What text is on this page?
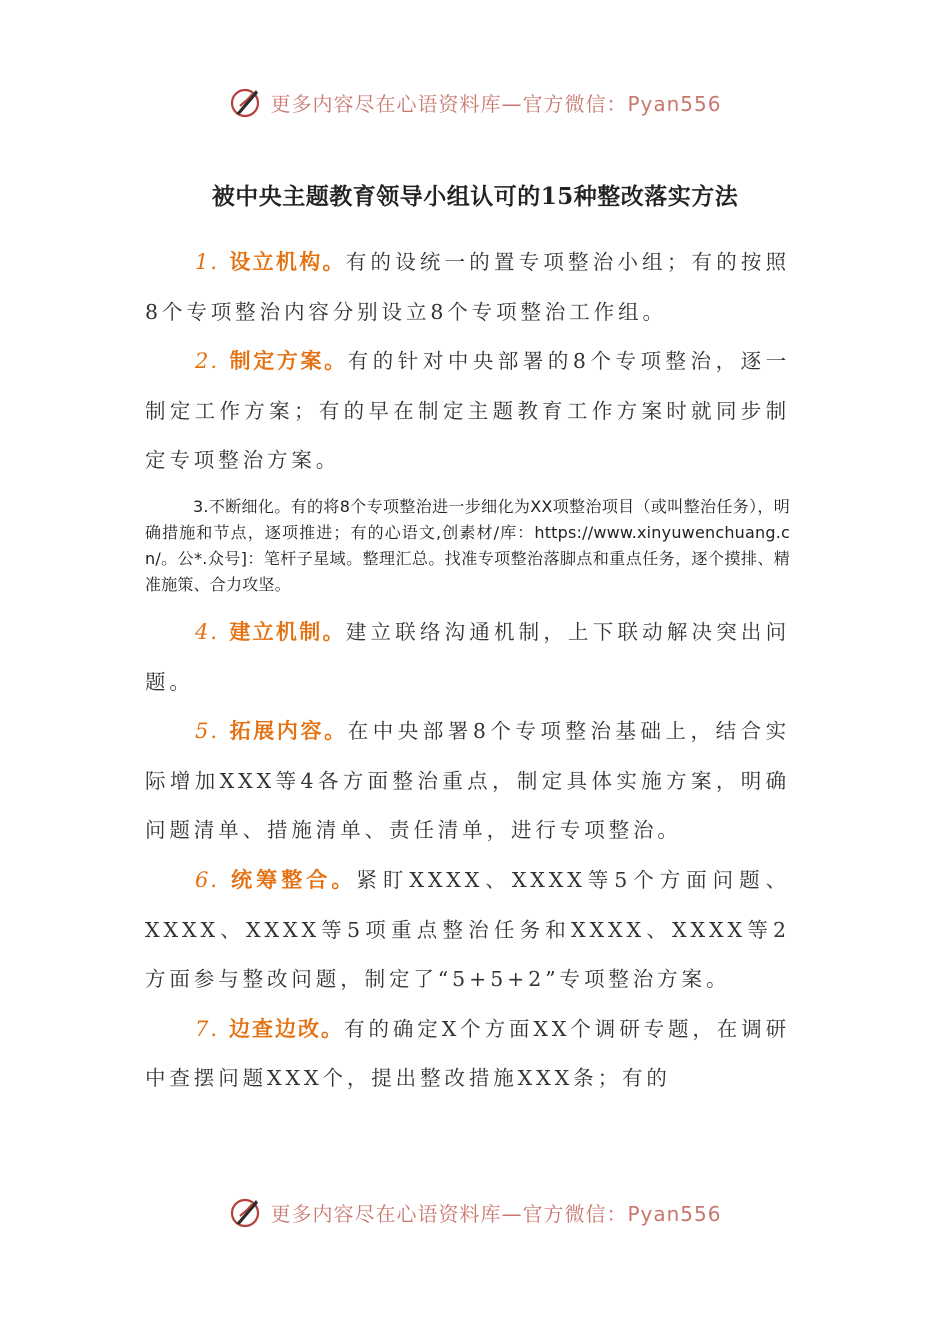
更多内容尽在心语资料库—官方微信：Pyan556
被中央主题教育领导小组认可的15种整改落实方法

1. 设立机构。有的设统一的置专项整治小组；有的按照8个专项整治内容分别设立8个专项整治工作组。

2. 制定方案。有的针对中央部署的8个专项整治，逐一制定工作方案；有的早在制定主题教育工作方案时就同步制定专项整治方案。

3.不断细化。有的将8个专项整治进一步细化为XX项整治项目（或叫整治任务），明确措施和节点，逐项推进；有的心语文,创素材/库：https://www.xinyuwenchuang.cn/。公*.众号]：笔杆子星域。整理汇总。找准专项整治落脚点和重点任务，逐个摸排、精准施策、合力攻坚。

4. 建立机制。建立联络沟通机制，上下联动解决突出问题。

5. 拓展内容。在中央部署8个专项整治基础上，结合实际增加XXX等4各方面整治重点，制定具体实施方案，明确问题清单、措施清单、责任清单，进行专项整治。

6. 统筹整合。紧盯XXXX、XXXX等5个方面问题、XXXX、XXXX等5项重点整治任务和XXXX、XXXX等2方面参与整改问题，制定了“5+5+2”专项整治方案。

7. 边查边改。有的确定X个方面XX个调研专题，在调研中查摆问题XXX个，提出整改措施XXX条；有的

更多内容尽在心语资料库—官方微信：Pyan556
